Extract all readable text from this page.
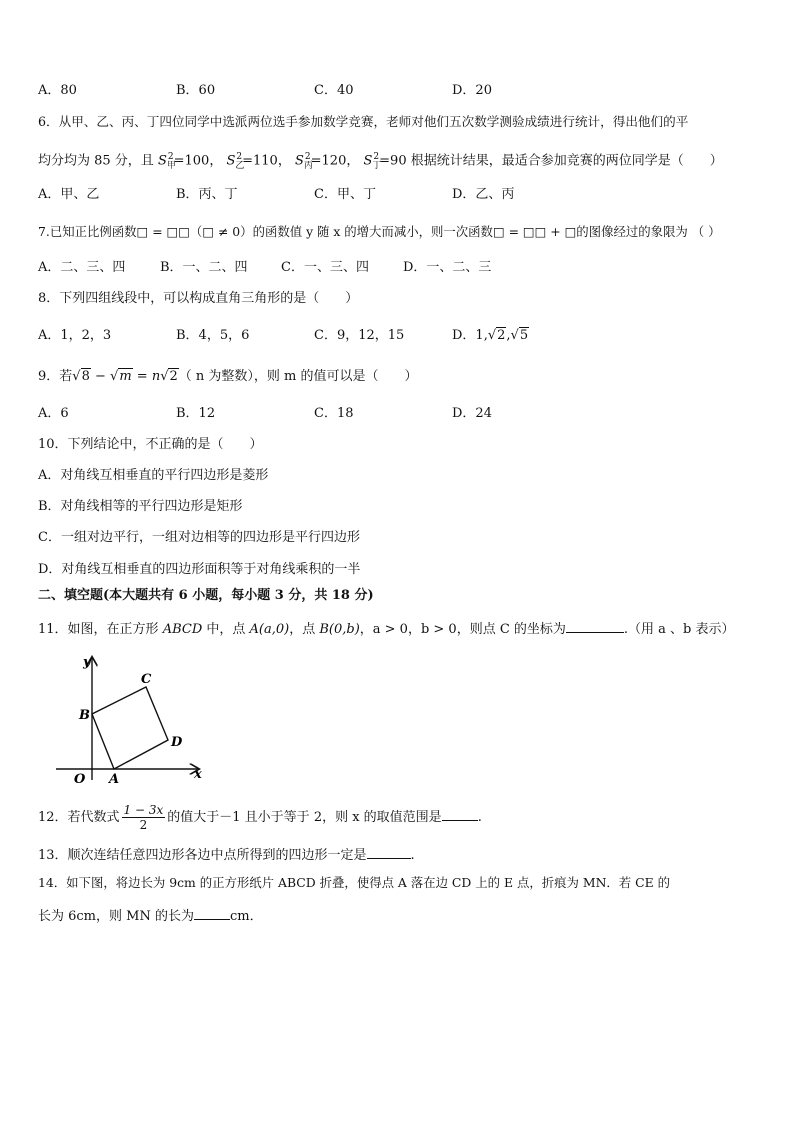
A．80	B．60	C．40	D．20
6．从甲、乙、丙、丁四位同学中选派两位选手参加数学竞赛，老师对他们五次数学测验成绩进行统计，得出他们的平
均分均为 85 分，且 $S_甲^2=100$， $S_乙^2=110$， $S_丙^2=120$， $S_丁^2=90$ 根据统计结果，最适合参加竞赛的两位同学是（　　）
A．甲、乙	B．丙、丁	C．甲、丁	D．乙、丙
7.已知正比例函数□ = □□（□ ≠ 0）的函数值 y 随 x 的增大而减小，则一次函数□ = □□ + □的图像经过的象限为 （ ）
A．二、三、四	B．一、二、四	C．一、三、四	D．一、二、三
8．下列四组线段中，可以构成直角三角形的是（　　）
A．1，2，3	B．4，5，6	C．9，12，15	D．1,√2,√5
9．若√8 − √m = n√2（ n 为整数），则 m 的值可以是（　　）
A．6	B．12	C．18	D．24
10．下列结论中，不正确的是（　　）
A．对角线互相垂直的平行四边形是菱形
B．对角线相等的平行四边形是矩形
C．一组对边平行，一组对边相等的四边形是平行四边形
D．对角线互相垂直的四边形面积等于对角线乘积的一半
二、填空题(本大题共有 6 小题，每小题 3 分，共 18 分)
11．如图，在正方形 ABCD 中，点 A(a,0)，点 B(0,b)，a > 0，b > 0，则点 C 的坐标为	.（用 a 、b 表示）
y
x
O A
B
C
D
12．若代数式 $\frac{1 - 3x}{2}$ 的值大于－1 且小于等于 2，则 x 的取值范围是	.
13．顺次连结任意四边形各边中点所得到的四边形一定是	.
14．如下图，将边长为 9cm 的正方形纸片 ABCD 折叠，使得点 A 落在边 CD 上的 E 点，折痕为 MN．若 CE 的
长为 6cm，则 MN 的长为	cm．
